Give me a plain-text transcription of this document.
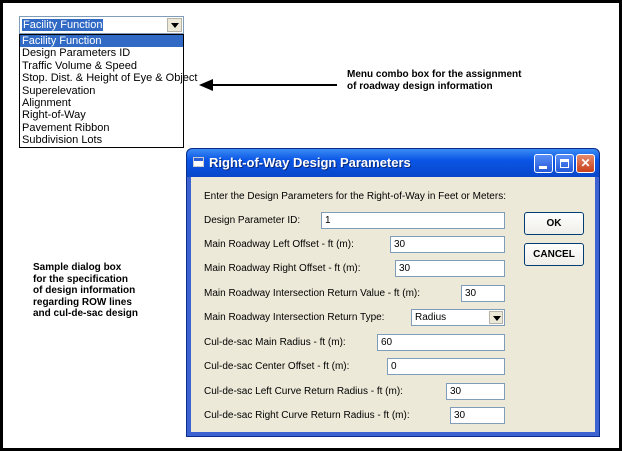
Facility Function
Facility Function
Design Parameters ID
Traffic Volume & Speed
Stop. Dist. & Height of Eye & Object
Superelevation
Alignment
Right-of-Way
Pavement Ribbon
Subdivision Lots
Menu combo box for the assignment
of roadway design information
Sample dialog box
for the specification
of design information
regarding ROW lines
and cul-de-sac design
Right-of-Way Design Parameters	✕
Enter the Design Parameters for the Right-of-Way in Feet or Meters:
Design Parameter ID:	1
Main Roadway Left Offset - ft (m):	30
Main Roadway Right Offset - ft (m):	30
Main Roadway Intersection Return Value - ft (m):	30
Main Roadway Intersection Return Type:	Radius
Cul-de-sac Main Radius - ft (m):	60
Cul-de-sac Center Offset - ft (m):	0
Cul-de-sac Left Curve Return Radius - ft (m):	30
Cul-de-sac Right Curve Return Radius - ft (m):	30
OK
CANCEL
